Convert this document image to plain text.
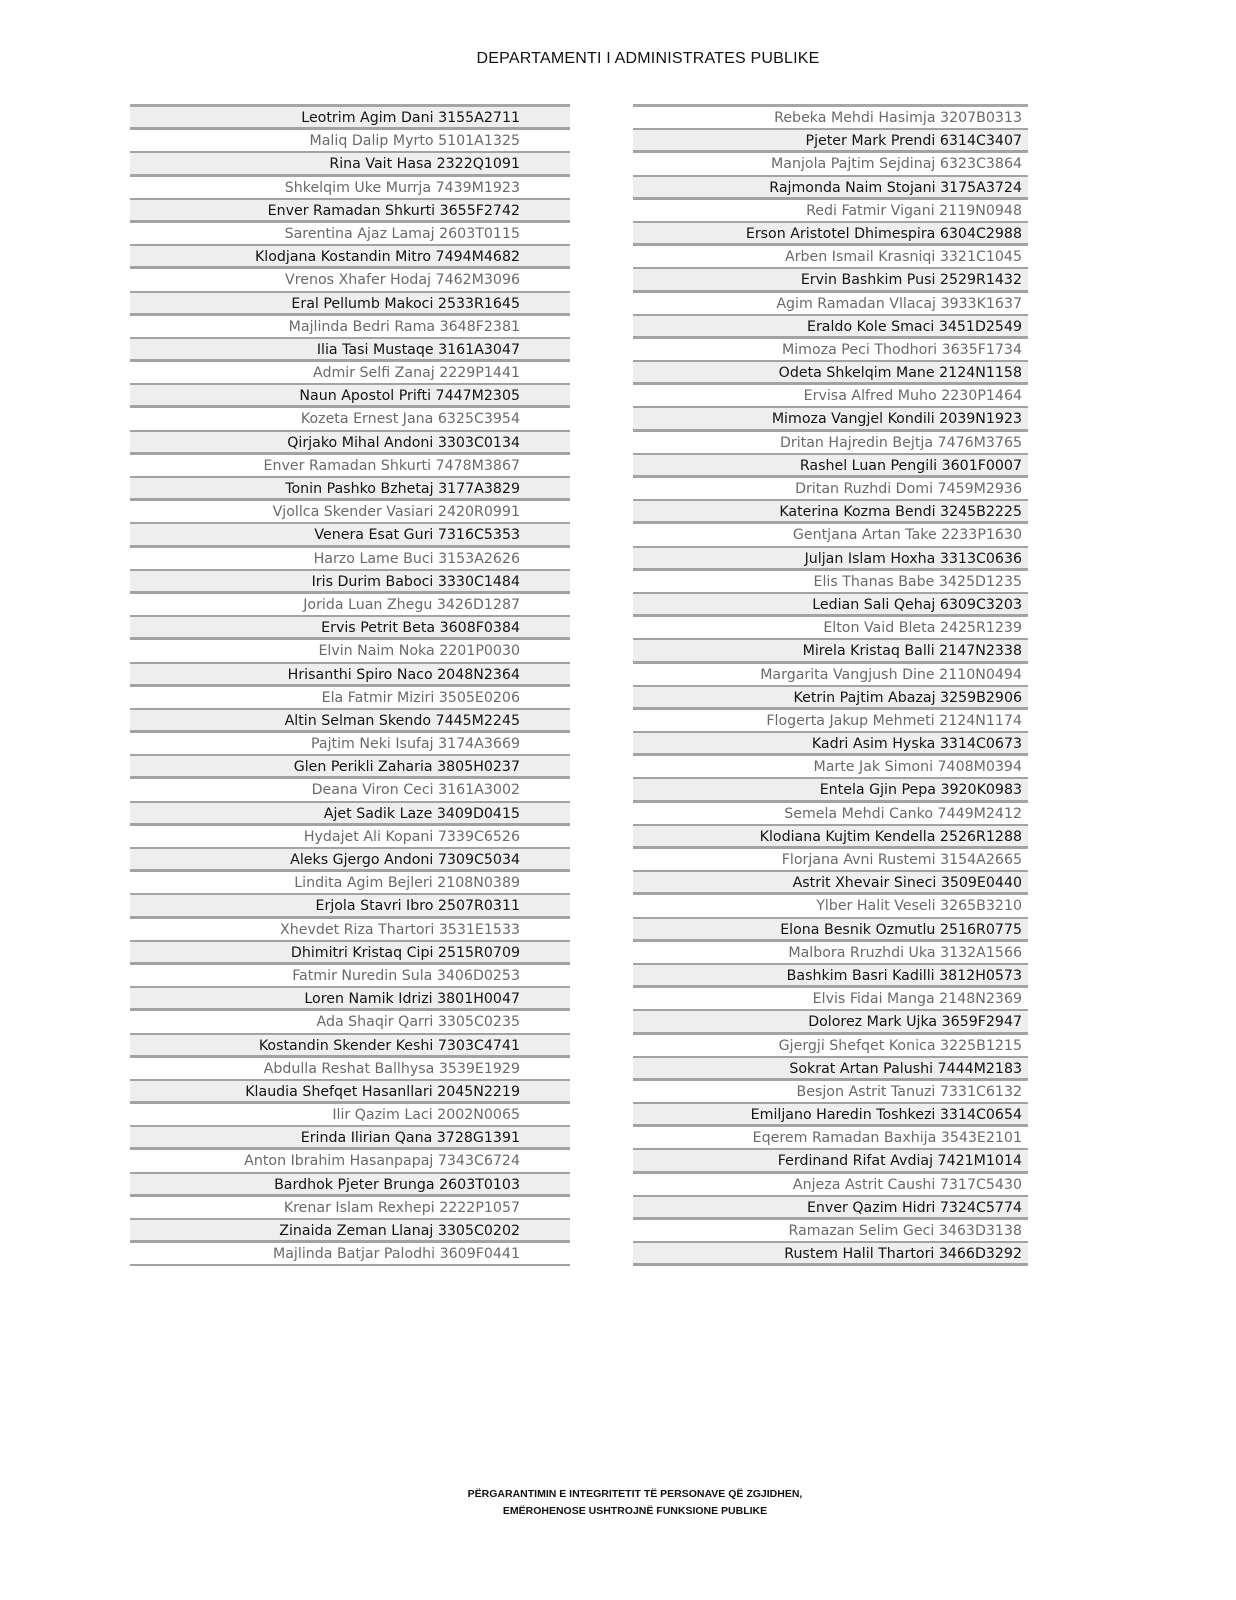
DEPARTAMENTI I ADMINISTRATES PUBLIKE
Leotrim Agim Dani 3155A2711
Maliq Dalip Myrto 5101A1325
Rina Vait Hasa 2322Q1091
Shkelqim Uke Murrja 7439M1923
Enver Ramadan Shkurti 3655F2742
Sarentina Ajaz Lamaj 2603T0115
Klodjana Kostandin Mitro 7494M4682
Vrenos Xhafer Hodaj 7462M3096
Eral Pellumb Makoci 2533R1645
Majlinda Bedri Rama 3648F2381
Ilia Tasi Mustaqe 3161A3047
Admir Selfi Zanaj 2229P1441
Naun Apostol Prifti 7447M2305
Kozeta Ernest Jana 6325C3954
Qirjako Mihal Andoni 3303C0134
Enver Ramadan Shkurti 7478M3867
Tonin Pashko Bzhetaj 3177A3829
Vjollca Skender Vasiari 2420R0991
Venera Esat Guri 7316C5353
Harzo Lame Buci 3153A2626
Iris Durim Baboci 3330C1484
Jorida Luan Zhegu 3426D1287
Ervis Petrit Beta 3608F0384
Elvin Naim Noka 2201P0030
Hrisanthi Spiro Naco 2048N2364
Ela Fatmir Miziri 3505E0206
Altin Selman Skendo 7445M2245
Pajtim Neki Isufaj 3174A3669
Glen Perikli Zaharia 3805H0237
Deana Viron Ceci 3161A3002
Ajet Sadik Laze 3409D0415
Hydajet Ali Kopani 7339C6526
Aleks Gjergo Andoni 7309C5034
Lindita Agim Bejleri 2108N0389
Erjola Stavri Ibro 2507R0311
Xhevdet Riza Thartori 3531E1533
Dhimitri Kristaq Cipi 2515R0709
Fatmir Nuredin Sula 3406D0253
Loren Namik Idrizi 3801H0047
Ada Shaqir Qarri 3305C0235
Kostandin Skender Keshi 7303C4741
Abdulla Reshat Ballhysa 3539E1929
Klaudia Shefqet Hasanllari 2045N2219
Ilir Qazim Laci 2002N0065
Erinda Ilirian Qana 3728G1391
Anton Ibrahim Hasanpapaj 7343C6724
Bardhok Pjeter Brunga 2603T0103
Krenar Islam Rexhepi 2222P1057
Zinaida Zeman Llanaj 3305C0202
Majlinda Batjar Palodhi 3609F0441
Rebeka Mehdi Hasimja 3207B0313
Pjeter Mark Prendi 6314C3407
Manjola Pajtim Sejdinaj 6323C3864
Rajmonda Naim Stojani 3175A3724
Redi Fatmir Vigani 2119N0948
Erson Aristotel Dhimespira 6304C2988
Arben Ismail Krasniqi 3321C1045
Ervin Bashkim Pusi 2529R1432
Agim Ramadan Vllacaj 3933K1637
Eraldo Kole Smaci 3451D2549
Mimoza Peci Thodhori 3635F1734
Odeta Shkelqim Mane 2124N1158
Ervisa Alfred Muho 2230P1464
Mimoza Vangjel Kondili 2039N1923
Dritan Hajredin Bejtja 7476M3765
Rashel Luan Pengili 3601F0007
Dritan Ruzhdi Domi 7459M2936
Katerina Kozma Bendi 3245B2225
Gentjana Artan Take 2233P1630
Juljan Islam Hoxha 3313C0636
Elis Thanas Babe 3425D1235
Ledian Sali Qehaj 6309C3203
Elton Vaid Bleta 2425R1239
Mirela Kristaq Balli 2147N2338
Margarita Vangjush Dine 2110N0494
Ketrin Pajtim Abazaj 3259B2906
Flogerta Jakup Mehmeti 2124N1174
Kadri Asim Hyska 3314C0673
Marte Jak Simoni 7408M0394
Entela Gjin Pepa 3920K0983
Semela Mehdi Canko 7449M2412
Klodiana Kujtim Kendella 2526R1288
Florjana Avni Rustemi 3154A2665
Astrit Xhevair Sineci 3509E0440
Ylber Halit Veseli 3265B3210
Elona Besnik Ozmutlu 2516R0775
Malbora Rruzhdi Uka 3132A1566
Bashkim Basri Kadilli 3812H0573
Elvis Fidai Manga 2148N2369
Dolorez Mark Ujka 3659F2947
Gjergji Shefqet Konica 3225B1215
Sokrat Artan Palushi 7444M2183
Besjon Astrit Tanuzi 7331C6132
Emiljano Haredin Toshkezi 3314C0654
Eqerem Ramadan Baxhija 3543E2101
Ferdinand Rifat Avdiaj 7421M1014
Anjeza Astrit Caushi 7317C5430
Enver Qazim Hidri 7324C5774
Ramazan Selim Geci 3463D3138
Rustem Halil Thartori 3466D3292
PËRGARANTIMIN E INTEGRITETIT TË PERSONAVE QË ZGJIDHEN,
EMËROHENOSE USHTROJNË FUNKSIONE PUBLIKE
